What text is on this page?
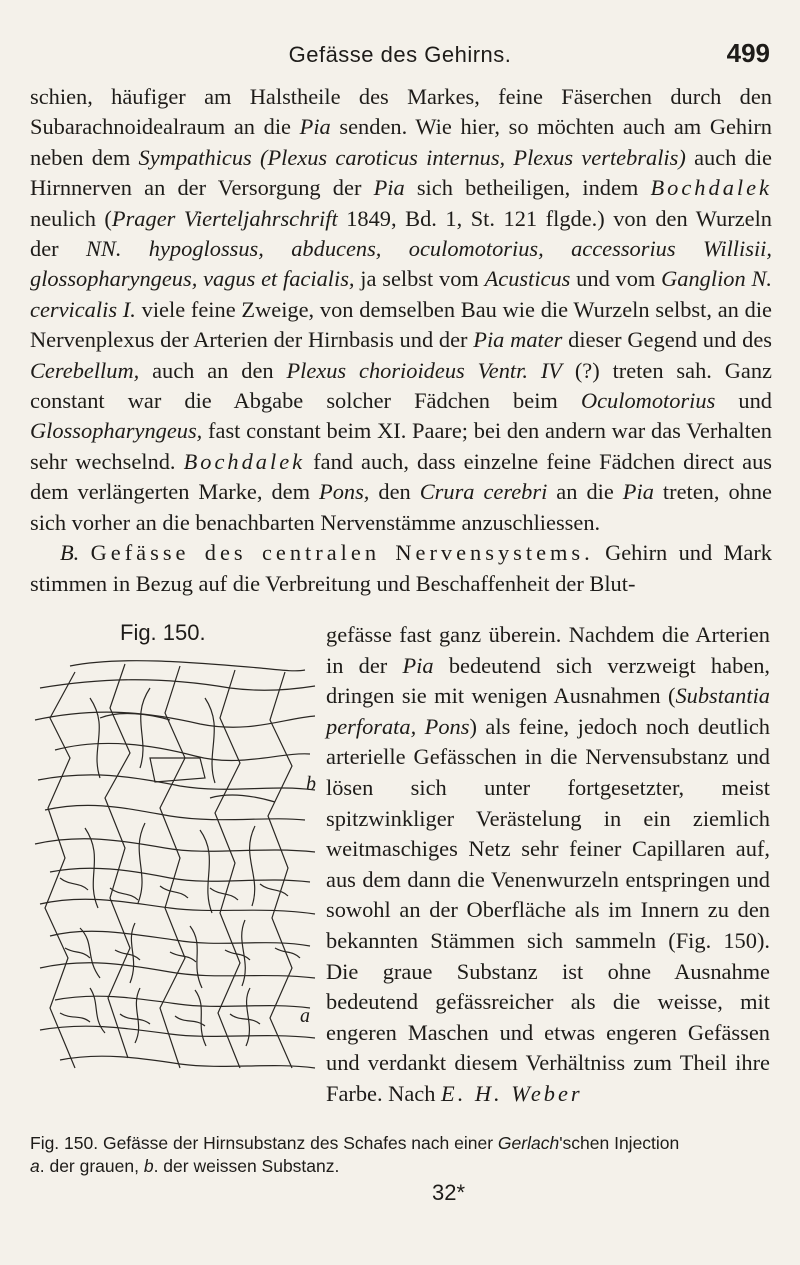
Gefässe des Gehirns.	499

schien, häufiger am Halstheile des Markes, feine Fäserchen durch den Subarachnoidealraum an die Pia senden. Wie hier, so möchten auch am Gehirn neben dem Sympathicus (Plexus caroticus internus, Plexus vertebralis) auch die Hirnnerven an der Versorgung der Pia sich betheiligen, indem Bochdalek neulich (Prager Vierteljahrschrift 1849, Bd. 1, St. 121 flgde.) von den Wurzeln der NN. hypoglossus, abducens, oculomotorius, accessorius Willisii, glossopharyngeus, vagus et facialis, ja selbst vom Acusticus und vom Ganglion N. cervicalis I. viele feine Zweige, von demselben Bau wie die Wurzeln selbst, an die Nervenplexus der Arterien der Hirnbasis und der Pia mater dieser Gegend und des Cerebellum, auch an den Plexus chorioideus Ventr. IV (?) treten sah. Ganz constant war die Abgabe solcher Fädchen beim Oculomotorius und Glossopharyngeus, fast constant beim XI. Paare; bei den andern war das Verhalten sehr wechselnd. Bochdalek fand auch, dass einzelne feine Fädchen direct aus dem verlängerten Marke, dem Pons, den Crura cerebri an die Pia treten, ohne sich vorher an die benachbarten Nervenstämme anzuschliessen.

B. Gefässe des centralen Nervensystems. Gehirn und Mark stimmen in Bezug auf die Verbreitung und Beschaffenheit der Blut-

Fig. 150.
b
a
gefässe fast ganz überein. Nachdem die Arterien in der Pia bedeutend sich verzweigt haben, dringen sie mit wenigen Ausnahmen (Substantia perforata, Pons) als feine, jedoch noch deutlich arterielle Gefässchen in die Nervensubstanz und lösen sich unter fortgesetzter, meist spitzwinkliger Verästelung in ein ziemlich weitmaschiges Netz sehr feiner Capillaren auf, aus dem dann die Venenwurzeln entspringen und sowohl an der Oberfläche als im Innern zu den bekannten Stämmen sich sammeln (Fig. 150). Die graue Substanz ist ohne Ausnahme bedeutend gefässreicher als die weisse, mit engeren Maschen und etwas engeren Gefässen und verdankt diesem Verhältniss zum Theil ihre Farbe. Nach E. H. Weber
Fig. 150. Gefässe der Hirnsubstanz des Schafes nach einer Gerlach'schen Injection
a. der grauen, b. der weissen Substanz.
32*
